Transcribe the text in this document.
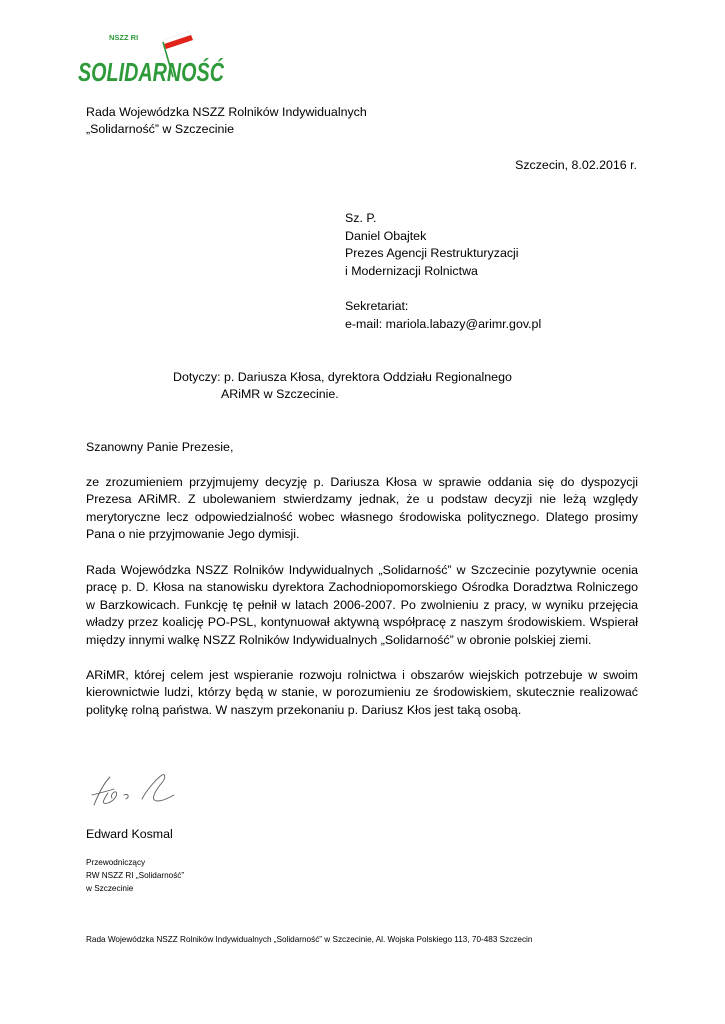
NSZZ RI
SOLIDARNOŚĆ
Rada Wojewódzka NSZZ Rolników Indywidualnych
„Solidarność” w Szczecinie
Szczecin, 8.02.2016 r.
Sz. P.
Daniel Obajtek
Prezes Agencji Restrukturyzacji
i Modernizacji Rolnictwa
Sekretariat:
e-mail: mariola.labazy@arimr.gov.pl
Dotyczy: p. Dariusza Kłosa, dyrektora Oddziału Regionalnego
ARiMR w Szczecinie.
Szanowny Panie Prezesie,

ze zrozumieniem przyjmujemy decyzję p. Dariusza Kłosa w sprawie oddania się do dyspozycji Prezesa ARiMR. Z ubolewaniem stwierdzamy jednak, że u podstaw decyzji nie leżą względy merytoryczne lecz odpowiedzialność wobec własnego środowiska politycznego. Dlatego prosimy Pana o nie przyjmowanie Jego dymisji.

Rada Wojewódzka NSZZ Rolników Indywidualnych „Solidarność” w Szczecinie pozytywnie ocenia pracę p. D. Kłosa na stanowisku dyrektora Zachodniopomorskiego Ośrodka Doradztwa Rolniczego w Barzkowicach. Funkcję tę pełnił w latach 2006-2007. Po zwolnieniu z pracy, w wyniku przejęcia władzy przez koalicję PO-PSL, kontynuował aktywną współpracę z naszym środowiskiem. Wspierał między innymi walkę NSZZ Rolników Indywidualnych „Solidarność” w obronie polskiej ziemi.

ARiMR, której celem jest wspieranie rozwoju rolnictwa i obszarów wiejskich potrzebuje w swoim kierownictwie ludzi, którzy będą w stanie, w porozumieniu ze środowiskiem, skutecznie realizować politykę rolną państwa. W naszym przekonaniu p. Dariusz Kłos jest taką osobą.

Edward Kosmal
Przewodniczący
RW NSZZ RI „Solidarność”
w Szczecinie
Rada Wojewódzka NSZZ Rolników Indywidualnych „Solidarność” w Szczecinie, Al. Wojska Polskiego 113, 70-483 Szczecin
